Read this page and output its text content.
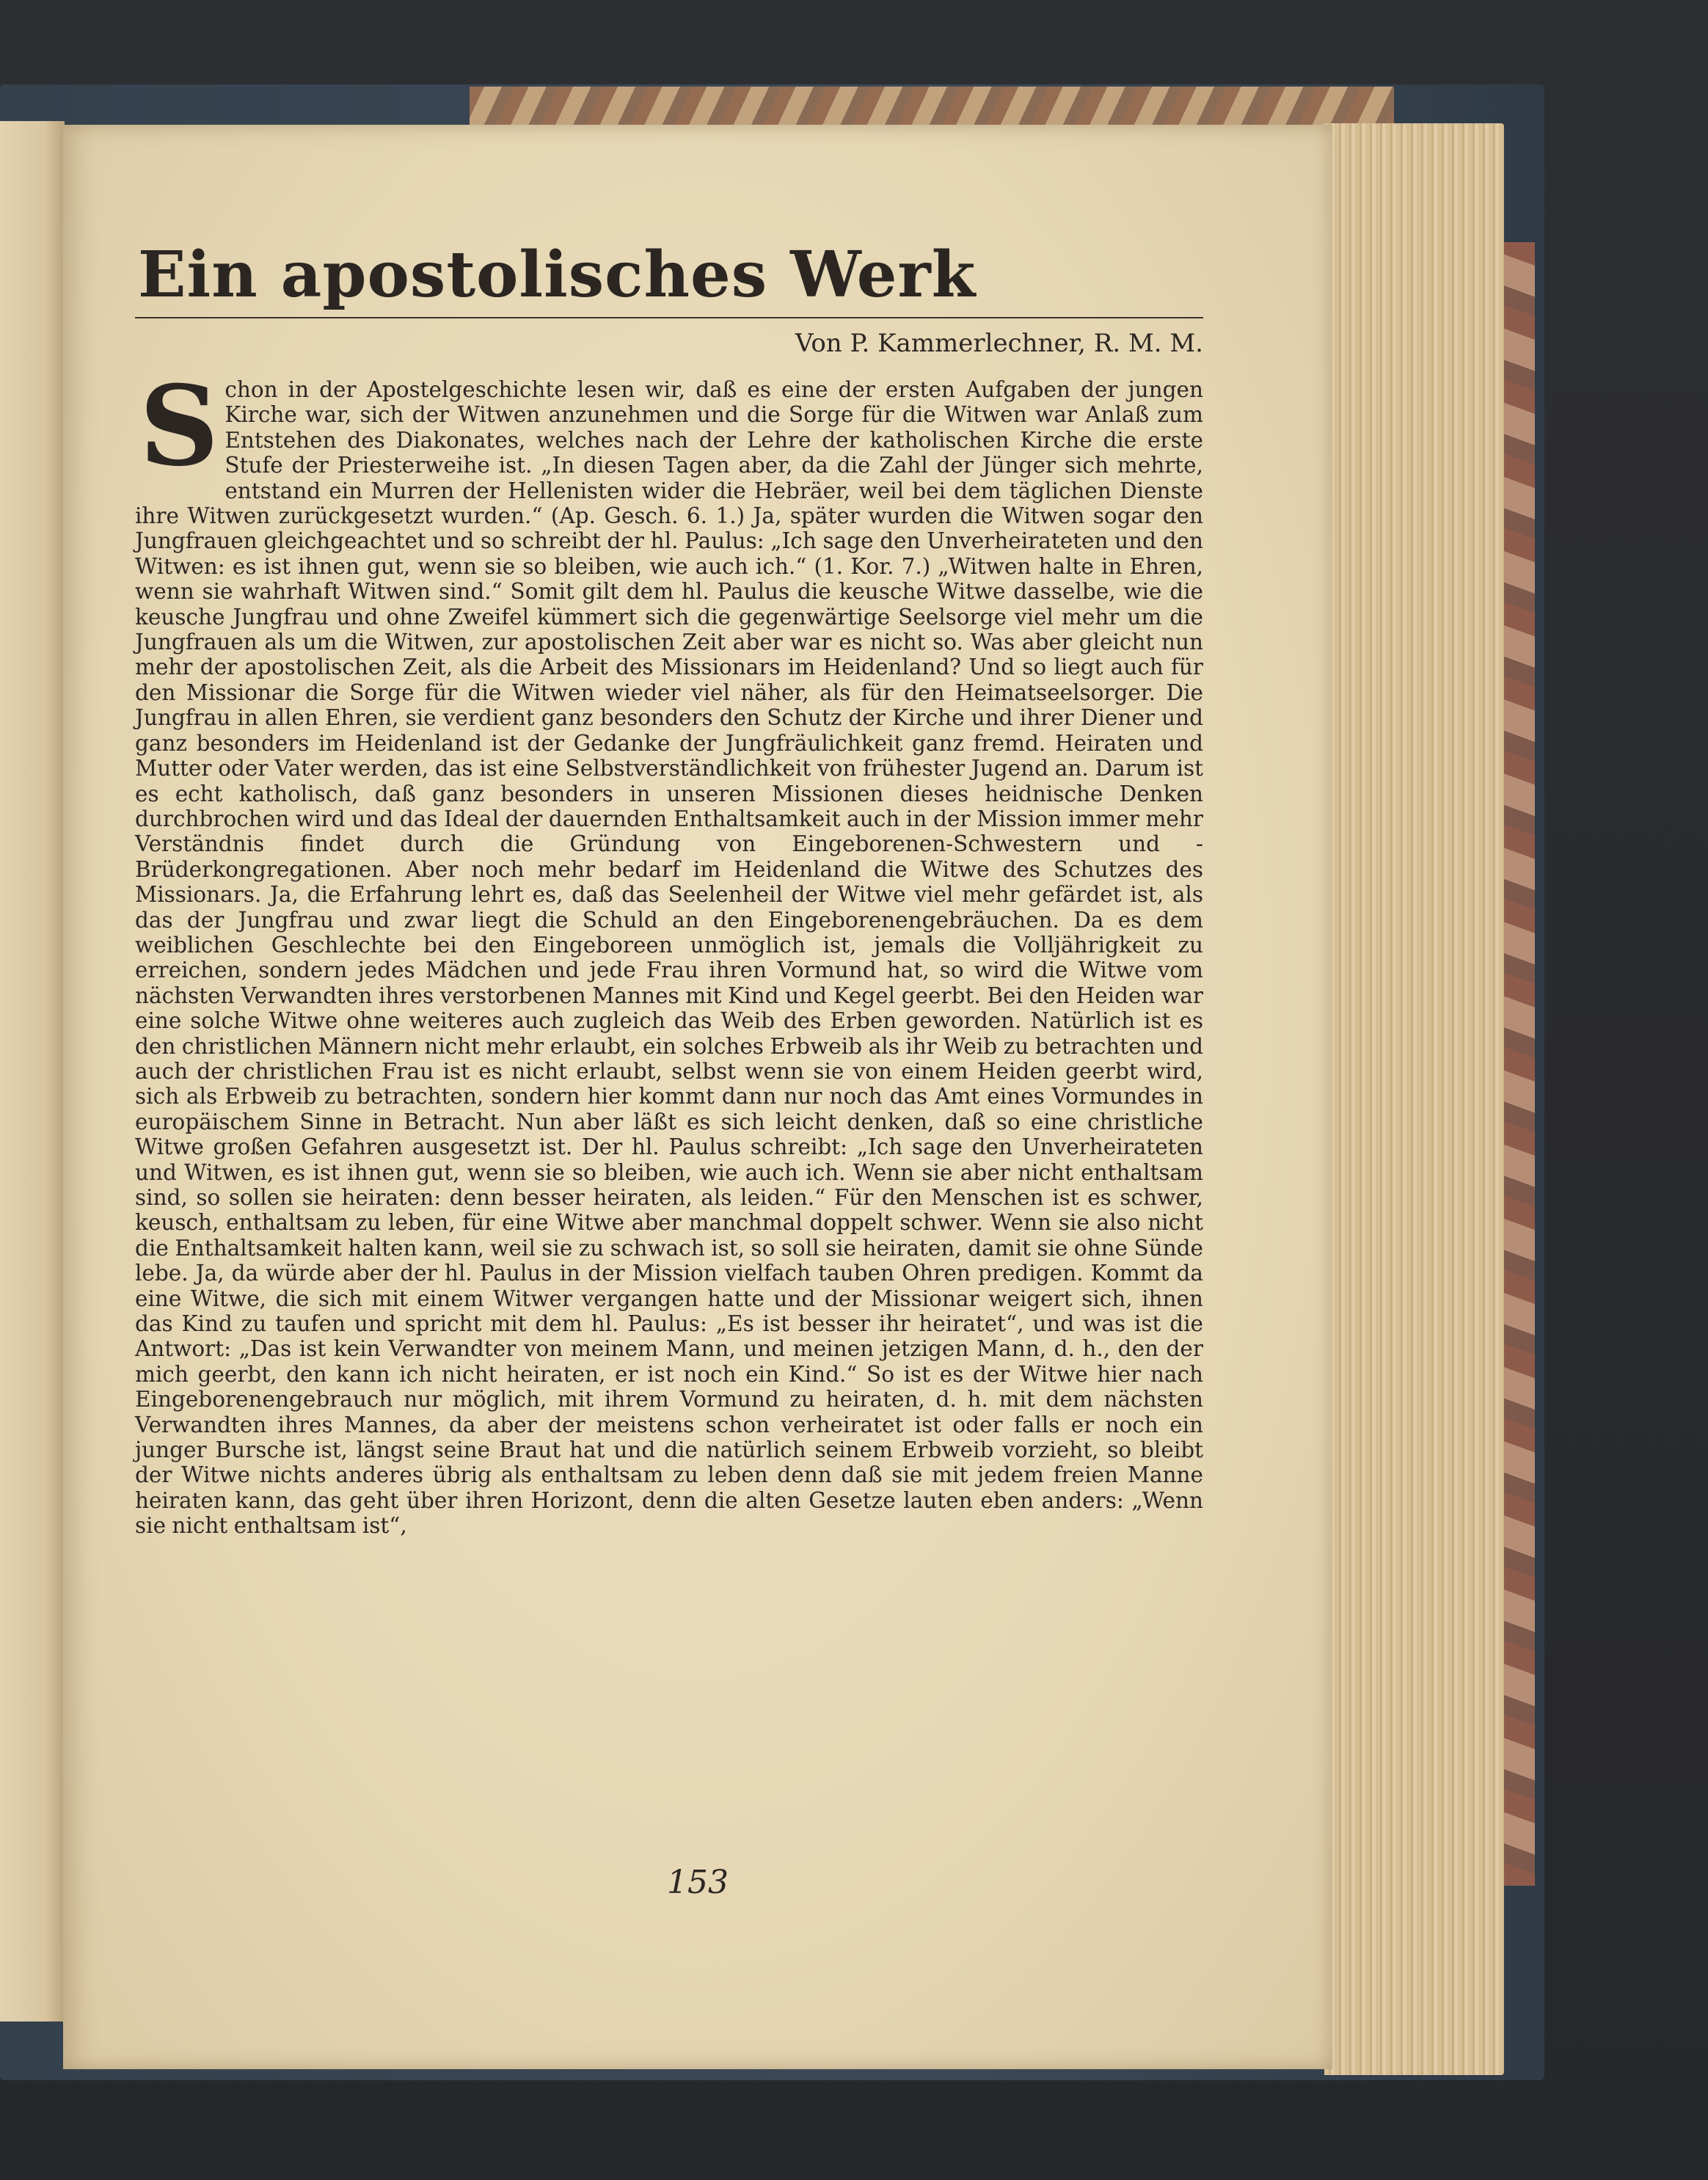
Ein apostolisches Werk
Von P. Kammerlechner, R. M. M.
Schon in der Apostelgeschichte lesen wir, daß es eine der ersten Aufgaben der jungen Kirche war, sich der Witwen anzunehmen und die Sorge für die Witwen war Anlaß zum Entstehen des Diakonates, welches nach der Lehre der katholischen Kirche die erste Stufe der Priesterweihe ist. „In diesen Tagen aber, da die Zahl der Jünger sich mehrte, entstand ein Murren der Hellenisten wider die Hebräer, weil bei dem täglichen Dienste ihre Witwen zurückgesetzt wurden.“ (Ap. Gesch. 6. 1.) Ja, später wurden die Witwen sogar den Jungfrauen gleichgeachtet und so schreibt der hl. Paulus: „Ich sage den Unverheirateten und den Witwen: es ist ihnen gut, wenn sie so bleiben, wie auch ich.“ (1. Kor. 7.) „Witwen halte in Ehren, wenn sie wahrhaft Witwen sind.“ Somit gilt dem hl. Paulus die keusche Witwe dasselbe, wie die keusche Jungfrau und ohne Zweifel kümmert sich die gegenwärtige Seelsorge viel mehr um die Jungfrauen als um die Witwen, zur apostolischen Zeit aber war es nicht so. Was aber gleicht nun mehr der apostolischen Zeit, als die Arbeit des Missionars im Heidenland? Und so liegt auch für den Missionar die Sorge für die Witwen wieder viel näher, als für den Heimatseelsorger. Die Jungfrau in allen Ehren, sie verdient ganz besonders den Schutz der Kirche und ihrer Diener und ganz besonders im Heidenland ist der Gedanke der Jungfräulichkeit ganz fremd. Heiraten und Mutter oder Vater werden, das ist eine Selbstverständlichkeit von frühester Jugend an. Darum ist es echt katholisch, daß ganz besonders in unseren Missionen dieses heidnische Denken durchbrochen wird und das Ideal der dauernden Enthaltsamkeit auch in der Mission immer mehr Verständnis findet durch die Gründung von Eingeborenen-Schwestern und -Brüderkongregationen. Aber noch mehr bedarf im Heidenland die Witwe des Schutzes des Missionars. Ja, die Erfahrung lehrt es, daß das Seelenheil der Witwe viel mehr gefärdet ist, als das der Jungfrau und zwar liegt die Schuld an den Eingeborenengebräuchen. Da es dem weiblichen Geschlechte bei den Eingeboreen unmöglich ist, jemals die Volljährigkeit zu erreichen, sondern jedes Mädchen und jede Frau ihren Vormund hat, so wird die Witwe vom nächsten Verwandten ihres verstorbenen Mannes mit Kind und Kegel geerbt. Bei den Heiden war eine solche Witwe ohne weiteres auch zugleich das Weib des Erben geworden. Natürlich ist es den christlichen Männern nicht mehr erlaubt, ein solches Erbweib als ihr Weib zu betrachten und auch der christlichen Frau ist es nicht erlaubt, selbst wenn sie von einem Heiden geerbt wird, sich als Erbweib zu betrachten, sondern hier kommt dann nur noch das Amt eines Vormundes in europäischem Sinne in Betracht. Nun aber läßt es sich leicht denken, daß so eine christliche Witwe großen Gefahren ausgesetzt ist. Der hl. Paulus schreibt: „Ich sage den Unverheirateten und Witwen, es ist ihnen gut, wenn sie so bleiben, wie auch ich. Wenn sie aber nicht enthaltsam sind, so sollen sie heiraten: denn besser heiraten, als leiden.“ Für den Menschen ist es schwer, keusch, enthaltsam zu leben, für eine Witwe aber manchmal doppelt schwer. Wenn sie also nicht die Enthaltsamkeit halten kann, weil sie zu schwach ist, so soll sie heiraten, damit sie ohne Sünde lebe. Ja, da würde aber der hl. Paulus in der Mission vielfach tauben Ohren predigen. Kommt da eine Witwe, die sich mit einem Witwer vergangen hatte und der Missionar weigert sich, ihnen das Kind zu taufen und spricht mit dem hl. Paulus: „Es ist besser ihr heiratet“, und was ist die Antwort: „Das ist kein Verwandter von meinem Mann, und meinen jetzigen Mann, d. h., den der mich geerbt, den kann ich nicht heiraten, er ist noch ein Kind.“ So ist es der Witwe hier nach Eingeborenengebrauch nur möglich, mit ihrem Vormund zu heiraten, d. h. mit dem nächsten Verwandten ihres Mannes, da aber der meistens schon verheiratet ist oder falls er noch ein junger Bursche ist, längst seine Braut hat und die natürlich seinem Erbweib vorzieht, so bleibt der Witwe nichts anderes übrig als enthaltsam zu leben denn daß sie mit jedem freien Manne heiraten kann, das geht über ihren Horizont, denn die alten Gesetze lauten eben anders: „Wenn sie nicht enthaltsam ist“,
153
